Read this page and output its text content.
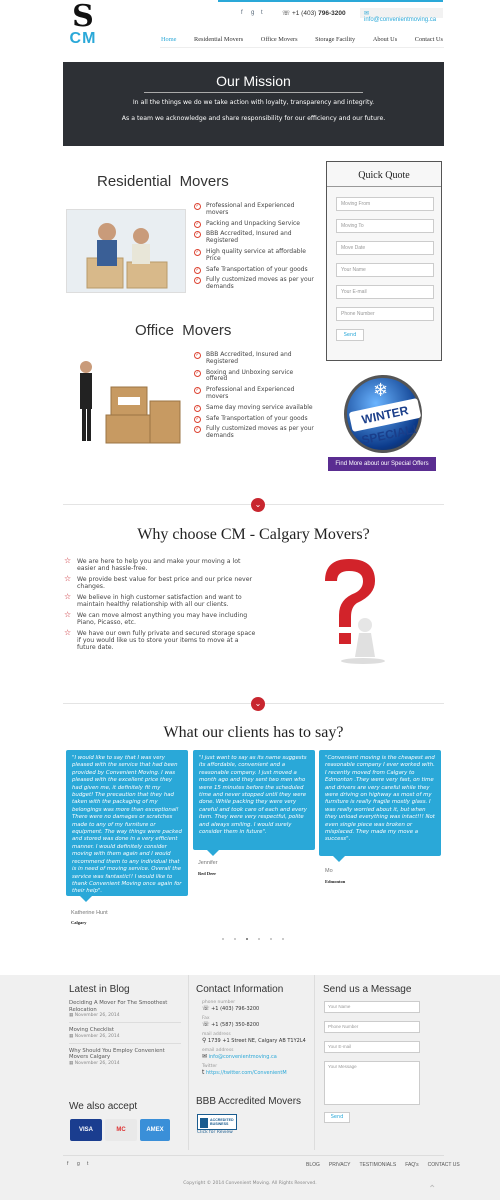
S
CM
f g t	☏ +1 (403) 796-3200	✉ info@convenientmoving.ca
Home	Residential Movers	Office Movers	Storage Facility	About Us	Contact Us
Our Mission

In all the things we do we take action with loyalty, transparency and integrity.

As a team we acknowledge and share responsibility for our efficiency and our future.

Residential Movers
✓ Professional and Experienced movers
✓ Packing and Unpacking Service
✓ BBB Accredited, Insured and Registered
✓ High quality service at affordable Price
✓ Safe Transportation of your goods
✓ Fully customized moves as per your demands
Office Movers
✓ BBB Accredited, Insured and Registered
✓ Boxing and Unboxing service offered
✓ Professional and Experienced movers
✓ Same day moving service available
✓ Safe Transportation of your goods
✓ Fully customized moves as per your demands
Quick Quote
Moving From
Moving To
Move Date
Your Name
Your E-mail
Phone Number
Send
❄
WINTER SPECIAL!
Find More about our Special Offers
⌄
Why choose CM - Calgary Movers?
☆ We are here to help you and make your moving a lot easier and hassle-free.
☆ We provide best value for best price and our price never changes.
☆ We believe in high customer satisfaction and want to maintain healthy relationship with all our clients.
☆ We can move almost anything you may have including Piano, Picasso, etc.
☆ We have our own fully private and secured storage space if you would like us to store your items to move at a future date.
⌄
What our clients has to say?
"I would like to say that I was very pleased with the service that had been provided by Convenient Moving. I was pleased with the excellent price they had given me, it definitely fit my budget! The precaution that they had taken with the packaging of my belongings was more than exceptional! There were no damages or scratches made to any of my furniture or equipment. The way things were packed and stored was done in a very efficient manner. I would definitely consider moving with them again and I would recommend them to any individual that is in need of moving service. Overall the service was fantastic!! I would like to thank Convenient Moving once again for their help".
Katherine Hunt
Calgary
"I just want to say as its name suggests its affordable, convenient and a reasonable company. I just moved a month ago and they sent two men who were 15 minutes before the scheduled time and never stopped until they were done. While packing they were very careful and took care of each and every item. They were very respectful, polite and always smiling. I would surely consider them in future".
Jennifer
Red Deer
"Convenient moving is the cheapest and reasonable company I ever worked with. I recently moved from Calgary to Edmonton .They were very fast, on time and drivers are very careful while they were driving on highway as most of my furniture is really fragile mostly glass. I was really worried about it, but when they unload everything was intact!!! Not even single piece was broken or misplaced. They made my move a success".
Mo
Edmonton
Latest in Blog
Deciding A Mover For The Smoothest Relocation
▦ November 26, 2014
Moving Checklist
▦ November 26, 2014
Why Should You Employ Convenient Movers Calgary
▦ November 26, 2014
We also accept
VISA	MC	AMEX
Contact Information
phone number
☏ +1 (403) 796-3200
Fax
☏ +1 (587) 350-8200
mail address
⚲ 1739 +1 Street NE, Calgary AB T1Y2L4
email address
✉ info@convenientmoving.ca
Twitter
t https://twitter.com/ConvenientM
BBB Accredited Movers
ACCREDITED BUSINESS
Click for Review
Send us a Message
Your Name
Phone Number
Your E-mail
Your Message
Send
f g t	BLOG PRIVACY TESTIMONIALS FAQ's CONTACT US
Copyright © 2014 Convenient Moving. All Rights Reserved.
⌃
